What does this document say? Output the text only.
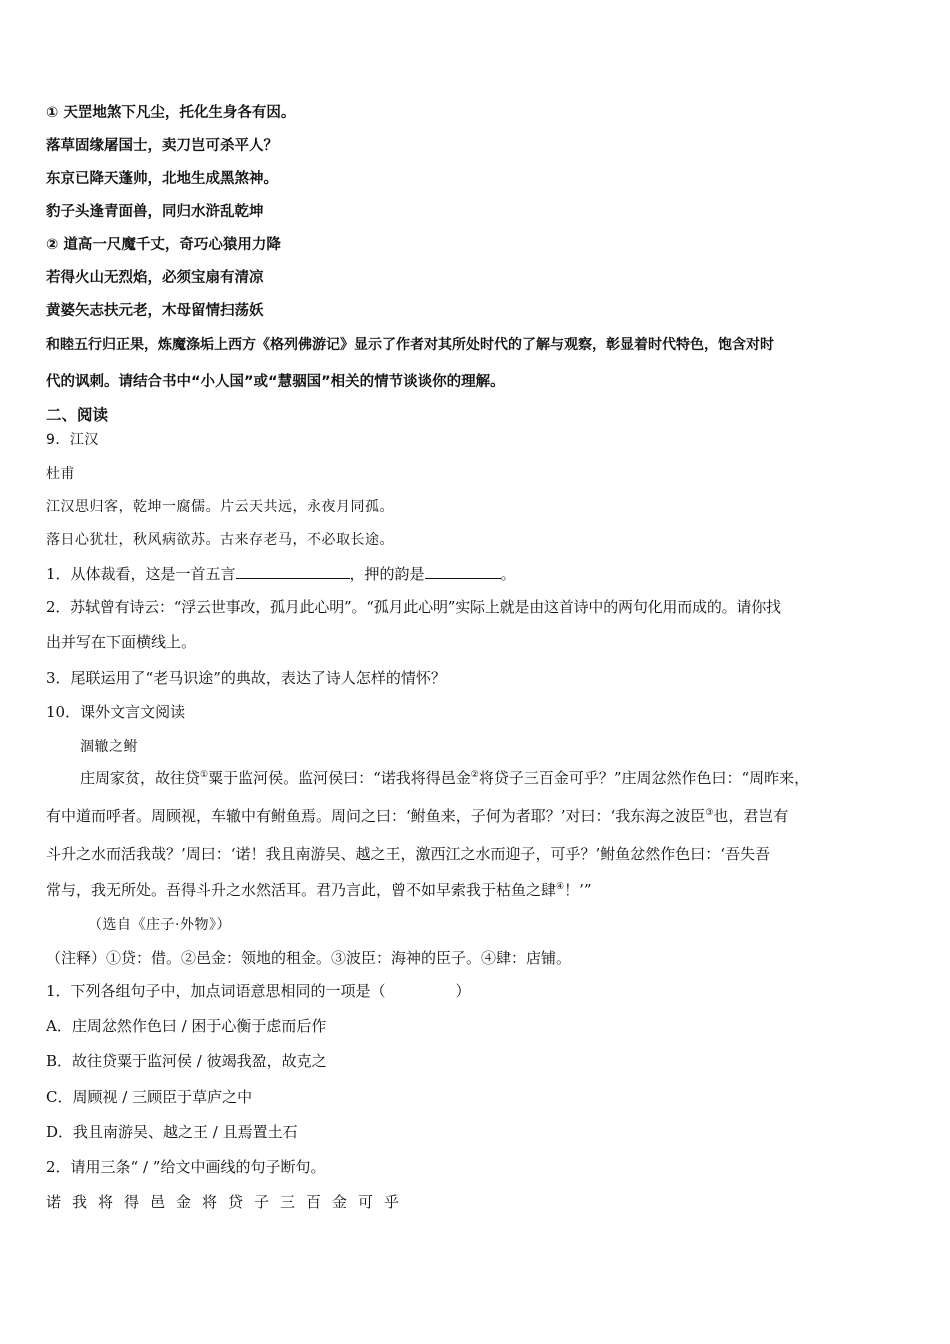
① 天罡地煞下凡尘，托化生身各有因。
落草固缘屠国士，卖刀岂可杀平人？
东京已降天蓬帅，北地生成黑煞神。
豹子头逢青面兽，同归水浒乱乾坤
② 道高一尺魔千丈，奇巧心猿用力降
若得火山无烈焰，必须宝扇有清凉
黄婆矢志扶元老，木母留情扫荡妖
和睦五行归正果，炼魔涤垢上西方《格列佛游记》显示了作者对其所处时代的了解与观察，彰显着时代特色，饱含对时
代的讽刺。请结合书中“小人国”或“慧骃国”相关的情节谈谈你的理解。
二、阅读
9．江汉
杜甫
江汉思归客，乾坤一腐儒。片云天共远，永夜月同孤。
落日心犹壮，秋风病欲苏。古来存老马，不必取长途。
1．从体裁看，这是一首五言	，押的韵是	。
2．苏轼曾有诗云：“浮云世事改，孤月此心明”。“孤月此心明”实际上就是由这首诗中的两句化用而成的。请你找
出并写在下面横线上。
3．尾联运用了“老马识途”的典故，表达了诗人怎样的情怀？
10．课外文言文阅读
涸辙之鲋
庄周家贫，故往贷①粟于监河侯。监河侯曰：“诺我将得邑金②将贷子三百金可乎？”庄周忿然作色曰：“周昨来，
有中道而呼者。周顾视，车辙中有鲋鱼焉。周问之曰：‘鲋鱼来，子何为者耶？’对曰：‘我东海之波臣③也，君岂有
斗升之水而活我哉？’周曰：‘诺！我且南游吴、越之王，激西江之水而迎子，可乎？’鲋鱼忿然作色曰：‘吾失吾
常与，我无所处。吾得斗升之水然活耳。君乃言此，曾不如早索我于枯鱼之肆④！’”
（选自《庄子·外物》）
（注释）①贷：借。②邑金：领地的租金。③波臣：海神的臣子。④肆：店铺。
1．下列各组句子中，加点词语意思相同的一项是（	）
A．庄周忿然作色曰 / 困于心衡于虑而后作
B．故往贷粟于监河侯 / 彼竭我盈，故克之
C．周顾视 / 三顾臣于草庐之中
D．我且南游吴、越之王 / 且焉置土石
2．请用三条“ / ”给文中画线的句子断句。
诺我将得邑金将贷子三百金可乎
